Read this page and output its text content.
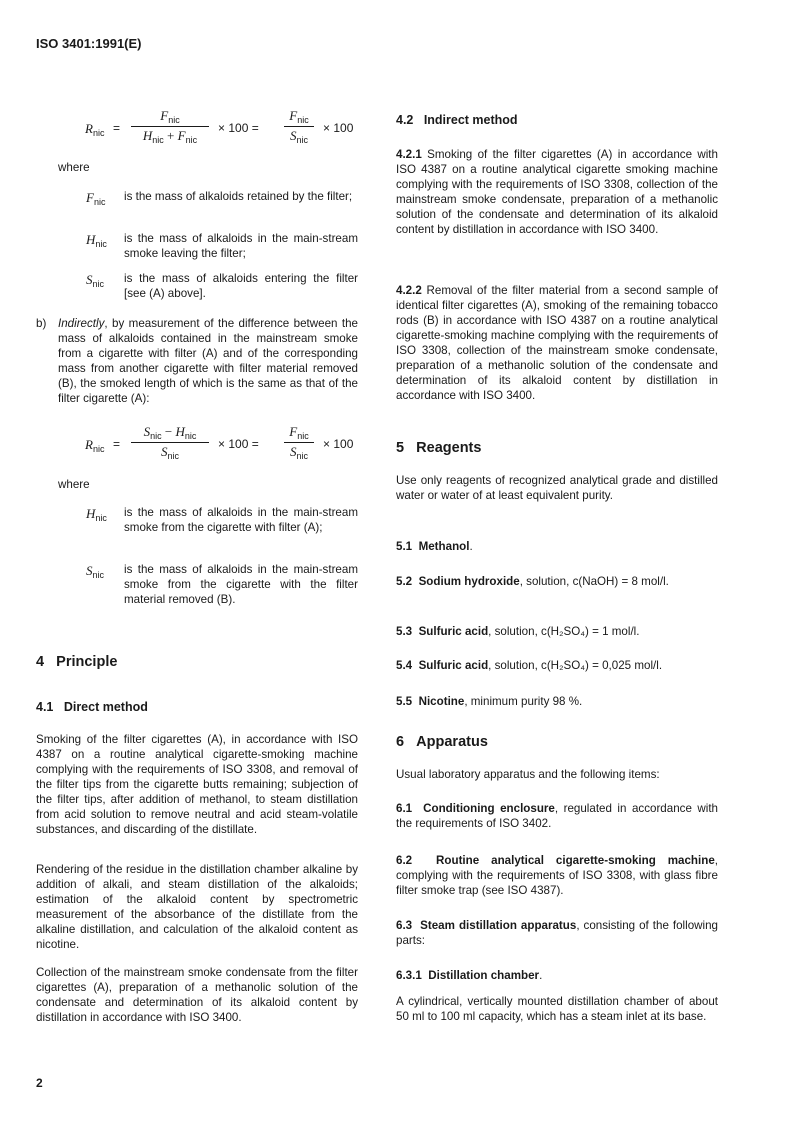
ISO 3401:1991(E)
$R_{nic}$ =
$F_{nic}$
$H_{nic} + F_{nic}$
× 100 =
$F_{nic}$
$S_{nic}$
× 100
where
$F_{nic}$ is the mass of alkaloids retained by the filter;
$H_{nic}$ is the mass of alkaloids in the main-stream smoke leaving the filter;
$S_{nic}$ is the mass of alkaloids entering the filter [see (A) above].
b) Indirectly, by measurement of the difference between the mass of alkaloids contained in the mainstream smoke from a cigarette with filter (A) and of the corresponding mass from another cigarette with filter material removed (B), the smoked length of which is the same as that of the filter cigarette (A):
$R_{nic}$ =
$S_{nic} - H_{nic}$
$S_{nic}$
× 100 =
$F_{nic}$
$S_{nic}$
× 100
where
$H_{nic}$ is the mass of alkaloids in the main-stream smoke from the cigarette with filter (A);
$S_{nic}$ is the mass of alkaloids in the main-stream smoke from the cigarette with the filter material removed (B).
4 Principle
4.1 Direct method
Smoking of the filter cigarettes (A), in accordance with ISO 4387 on a routine analytical cigarette-smoking machine complying with the requirements of ISO 3308, and removal of the filter tips from the cigarette butts remaining; subjection of the filter tips, after addition of methanol, to steam distillation from acid solution to remove neutral and acid steam-volatile substances, and discarding of the distillate.
Rendering of the residue in the distillation chamber alkaline by addition of alkali, and steam distillation of the alkaloids; estimation of the alkaloid content by spectrometric measurement of the absorbance of the distillate from the alkaline distillation, and calculation of the alkaloid content as nicotine.
Collection of the mainstream smoke condensate from the filter cigarettes (A), preparation of a methanolic solution of the condensate and determination of its alkaloid content by distillation in accordance with ISO 3400.
4.2 Indirect method
4.2.1 Smoking of the filter cigarettes (A) in accordance with ISO 4387 on a routine analytical cigarette smoking machine complying with the requirements of ISO 3308, collection of the mainstream smoke condensate, preparation of a methanolic solution of the condensate and determination of its alkaloid content by distillation in accordance with ISO 3400.
4.2.2 Removal of the filter material from a second sample of identical filter cigarettes (A), smoking of the remaining tobacco rods (B) in accordance with ISO 4387 on a routine analytical cigarette-smoking machine complying with the requirements of ISO 3308, collection of the mainstream smoke condensate, preparation of a methanolic solution of the condensate and determination of its alkaloid content by distillation in accordance with ISO 3400.
5 Reagents
Use only reagents of recognized analytical grade and distilled water or water of at least equivalent purity.
5.1 Methanol.
5.2 Sodium hydroxide, solution, c(NaOH) = 8 mol/l.
5.3 Sulfuric acid, solution, c(H₂SO₄) = 1 mol/l.
5.4 Sulfuric acid, solution, c(H₂SO₄) = 0,025 mol/l.
5.5 Nicotine, minimum purity 98 %.
6 Apparatus
Usual laboratory apparatus and the following items:
6.1 Conditioning enclosure, regulated in accordance with the requirements of ISO 3402.
6.2 Routine analytical cigarette-smoking machine, complying with the requirements of ISO 3308, with glass fibre filter smoke trap (see ISO 4387).
6.3 Steam distillation apparatus, consisting of the following parts:
6.3.1 Distillation chamber.
A cylindrical, vertically mounted distillation chamber of about 50 ml to 100 ml capacity, which has a steam inlet at its base.
2
